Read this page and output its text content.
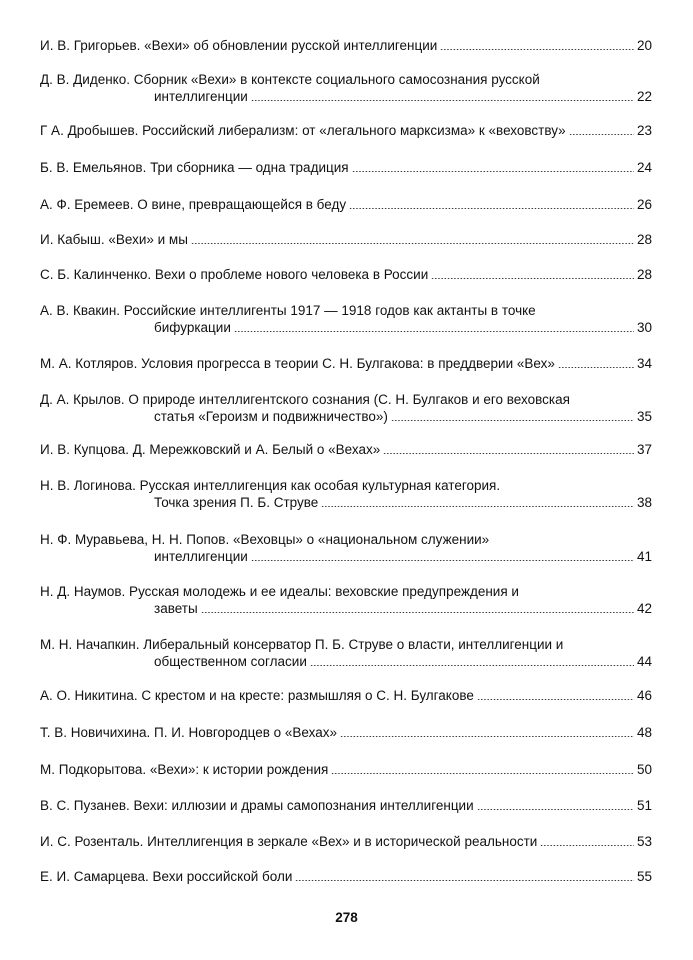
И. В. Григорьев. «Вехи» об обновлении русской интеллигенции	20
Д. В. Диденко. Сборник «Вехи» в контексте социального самосознания русской
интеллигенции	22
Г А. Дробышев. Российский либерализм: от «легального марксизма» к «веховству»	23
Б. В. Емельянов. Три сборника — одна традиция	24
А. Ф. Еремеев. О вине, превращающейся в беду	26
И. Кабыш. «Вехи» и мы	28
С. Б. Калинченко. Вехи о проблеме нового человека в России	28
А. В. Квакин. Российские интеллигенты 1917 — 1918 годов как актанты в точке
бифуркации	30
М. А. Котляров. Условия прогресса в теории С. Н. Булгакова: в преддверии «Вех»	34
Д. А. Крылов. О природе интеллигентского сознания (С. Н. Булгаков и его веховская
статья «Героизм и подвижничество»)	35
И. В. Купцова. Д. Мережковский и А. Белый о «Вехах»	37
Н. В. Логинова. Русская интеллигенция как особая культурная категория.
Точка зрения П. Б. Струве	38
Н. Ф. Муравьева, Н. Н. Попов. «Веховцы» о «национальном служении»
интеллигенции	41
Н. Д. Наумов. Русская молодежь и ее идеалы: веховские предупреждения и
заветы	42
М. Н. Начапкин. Либеральный консерватор П. Б. Струве о власти, интеллигенции и
общественном согласии	44
А. О. Никитина. С крестом и на кресте: размышляя о С. Н. Булгакове	46
Т. В. Новичихина. П. И. Новгородцев о «Вехах»	48
М. Подкорытова. «Вехи»: к истории рождения	50
В. С. Пузанев. Вехи: иллюзии и драмы самопознания интеллигенции	51
И. С. Розенталь. Интеллигенция в зеркале «Вех» и в исторической реальности	53
Е. И. Самарцева. Вехи российской боли	55
278
